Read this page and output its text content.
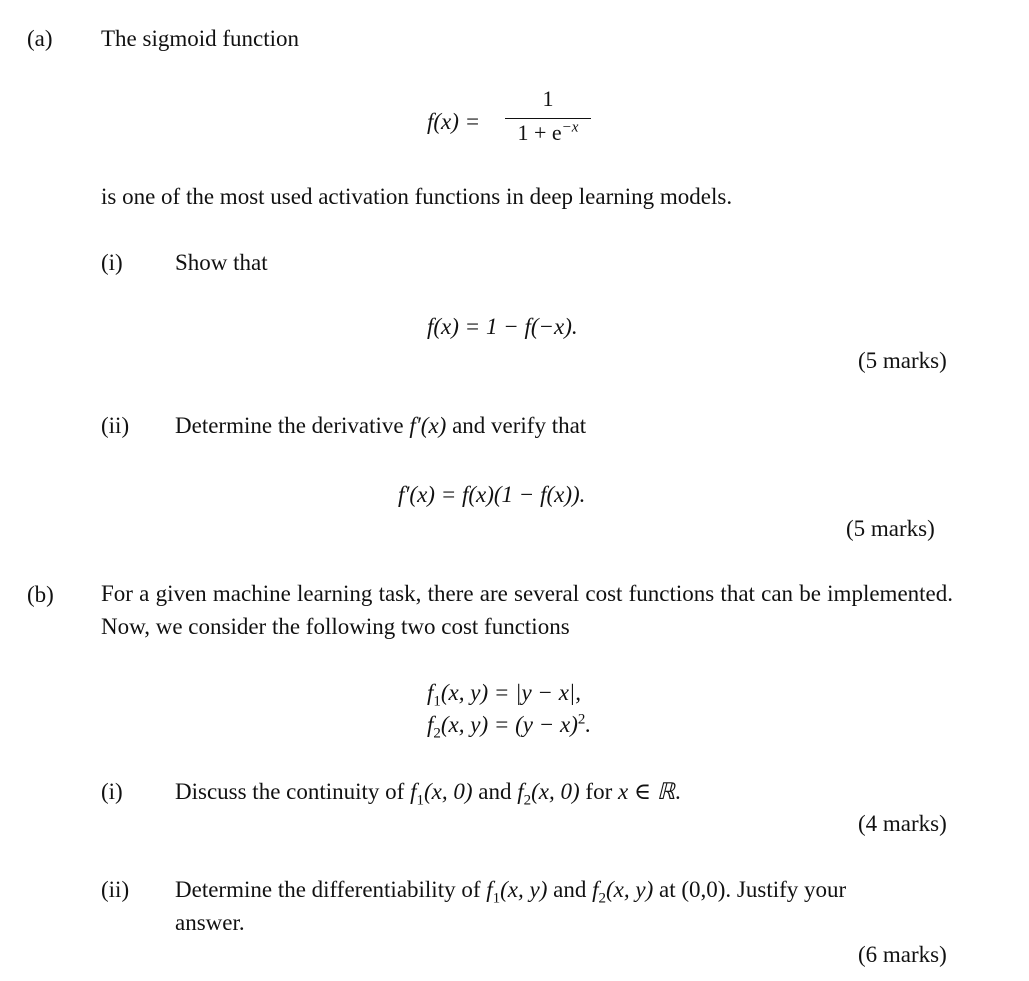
(a) The sigmoid function
f(x) =
1
$1 + e^{-x}$
is one of the most used activation functions in deep learning models.
(i) Show that
f(x) = 1 − f(−x).
(5 marks)
(ii) Determine the derivative f′(x) and verify that
f′(x) = f(x)(1 − f(x)).
(5 marks)
(b) For a given machine learning task, there are several cost functions that can be implemented. Now, we consider the following two cost functions
$f_1(x$, y) = |y − x|,
$f_2(x$, $y) = (y - x)^2$.
(i) Discuss the continuity of $f_1(x$, 0) and $f_2(x$, 0) for x ∈ ℝ.
(4 marks)
(ii) Determine the differentiability of $f_1(x$, y) and $f_2(x$, y) at (0,0). Justify your
answer.
(6 marks)
